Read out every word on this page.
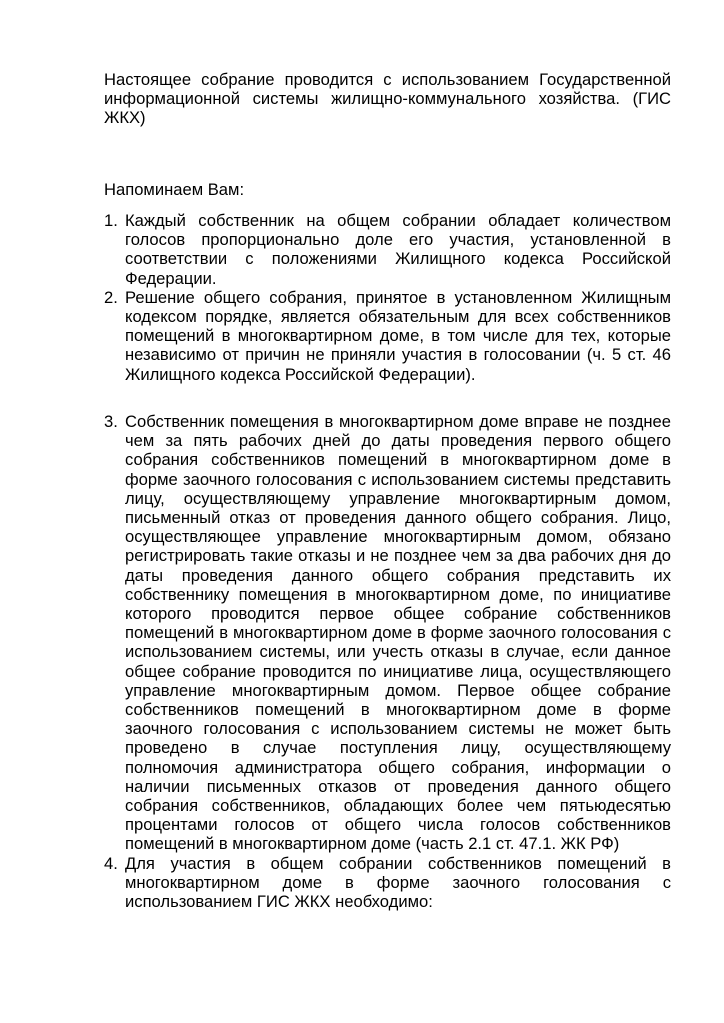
Настоящее собрание проводится с использованием Государственной информационной системы жилищно-коммунального хозяйства. (ГИС ЖКХ)

Напоминаем Вам:

1. Каждый собственник на общем собрании обладает количеством голосов пропорционально доле его участия, установленной в соответствии с положениями Жилищного кодекса Российской Федерации.
2. Решение общего собрания, принятое в установленном Жилищным кодексом порядке, является обязательным для всех собственников помещений в многоквартирном доме, в том числе для тех, которые независимо от причин не приняли участия в голосовании (ч. 5 ст. 46 Жилищного кодекса Российской Федерации).
3. Собственник помещения в многоквартирном доме вправе не позднее чем за пять рабочих дней до даты проведения первого общего собрания собственников помещений в многоквартирном доме в форме заочного голосования с использованием системы представить лицу, осуществляющему управление многоквартирным домом, письменный отказ от проведения данного общего собрания. Лицо, осуществляющее управление многоквартирным домом, обязано регистрировать такие отказы и не позднее чем за два рабочих дня до даты проведения данного общего собрания представить их собственнику помещения в многоквартирном доме, по инициативе которого проводится первое общее собрание собственников помещений в многоквартирном доме в форме заочного голосования с использованием системы, или учесть отказы в случае, если данное общее собрание проводится по инициативе лица, осуществляющего управление многоквартирным домом. Первое общее собрание собственников помещений в многоквартирном доме в форме заочного голосования с использованием системы не может быть проведено в случае поступления лицу, осуществляющему полномочия администратора общего собрания, информации о наличии письменных отказов от проведения данного общего собрания собственников, обладающих более чем пятьюдесятью процентами голосов от общего числа голосов собственников помещений в многоквартирном доме (часть 2.1 ст. 47.1. ЖК РФ)
4. Для участия в общем собрании собственников помещений в многоквартирном доме в форме заочного голосования с использованием ГИС ЖКХ необходимо:
